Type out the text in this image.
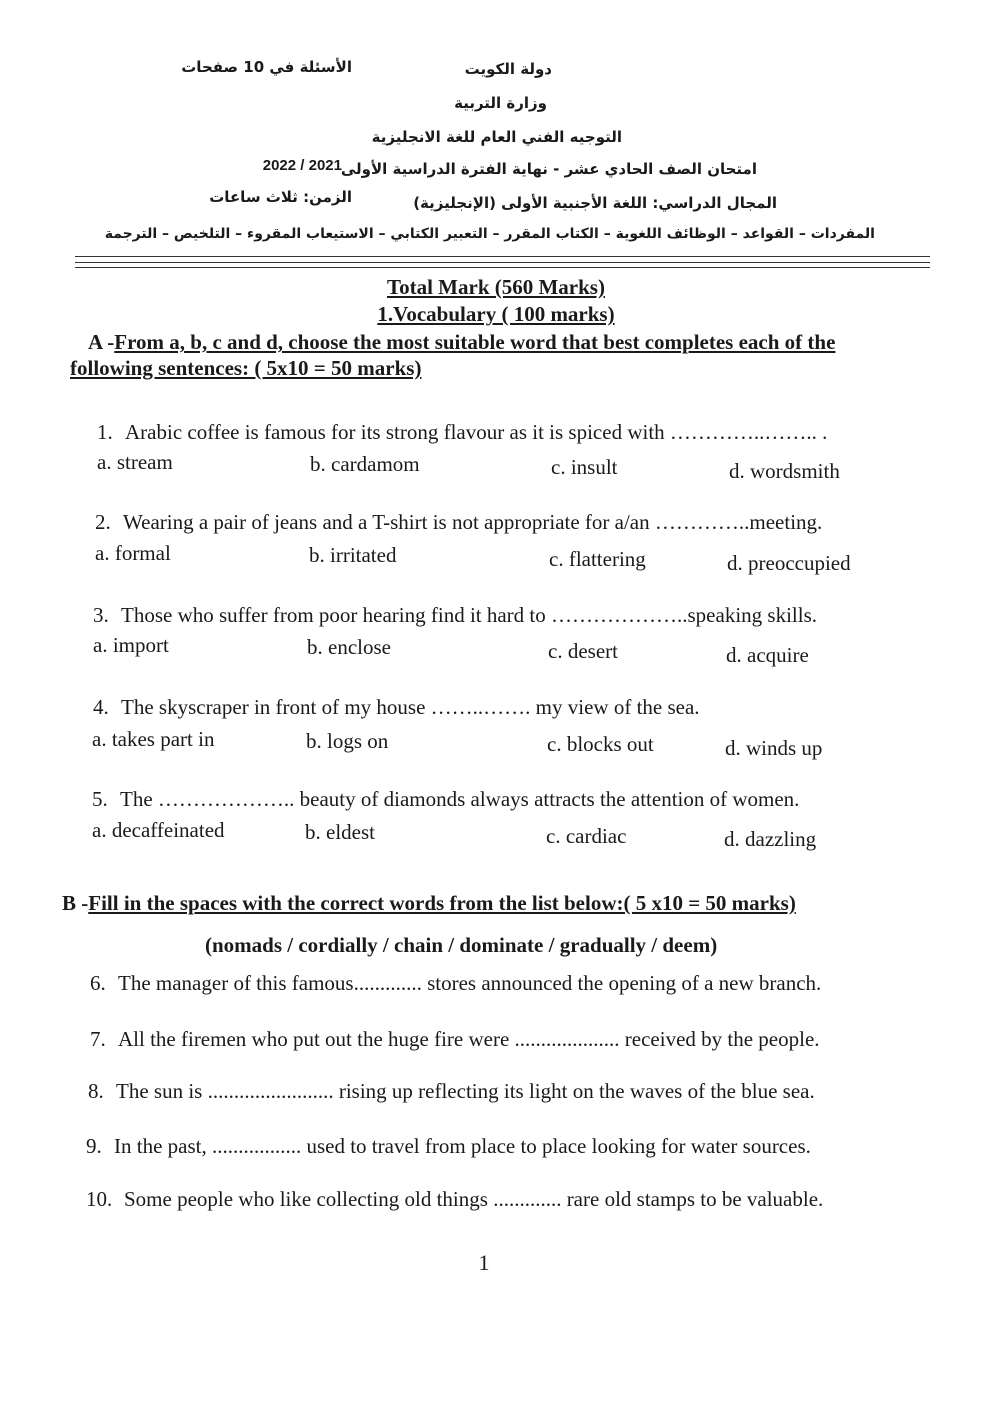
دولة الكويت
الأسئلة في 10 صفحات
وزارة التربية
التوجيه الفني العام للغة الانجليزية
امتحان الصف الحادي عشر - نهاية الفترة الدراسية الأولى
2022 / 2021
المجال الدراسي: اللغة الأجنبية الأولى (الإنجليزية)
الزمن: ثلاث ساعات
المفردات – القواعد – الوظائف اللغوية – الكتاب المقرر – التعبير الكتابي – الاستيعاب المقروء – التلخيص – الترجمة
Total Mark (560 Marks)
1.Vocabulary ( 100 marks)
A -From a, b, c and d, choose the most suitable word that best completes each of the
following sentences: ( 5x10 = 50 marks)
1. Arabic coffee is famous for its strong flavour as it is spiced with …………..…….. .
a. stream	b. cardamom	c. insult	d. wordsmith
2. Wearing a pair of jeans and a T-shirt is not appropriate for a/an …………..meeting.
a. formal	b. irritated	c. flattering	d. preoccupied
3. Those who suffer from poor hearing find it hard to ………………..speaking skills.
a. import	b. enclose	c. desert	d. acquire
4. The skyscraper in front of my house ……..……. my view of the sea.
a. takes part in	b. logs on	c. blocks out	d. winds up
5. The ……………….. beauty of diamonds always attracts the attention of women.
a. decaffeinated	b. eldest	c. cardiac	d. dazzling
B -Fill in the spaces with the correct words from the list below:( 5 x10 = 50 marks)
(nomads / cordially / chain / dominate / gradually / deem)
6. The manager of this famous............. stores announced the opening of a new branch.
7. All the firemen who put out the huge fire were .................... received by the people.
8. The sun is ........................ rising up reflecting its light on the waves of the blue sea.
9. In the past, ................. used to travel from place to place looking for water sources.
10. Some people who like collecting old things ............. rare old stamps to be valuable.
1
